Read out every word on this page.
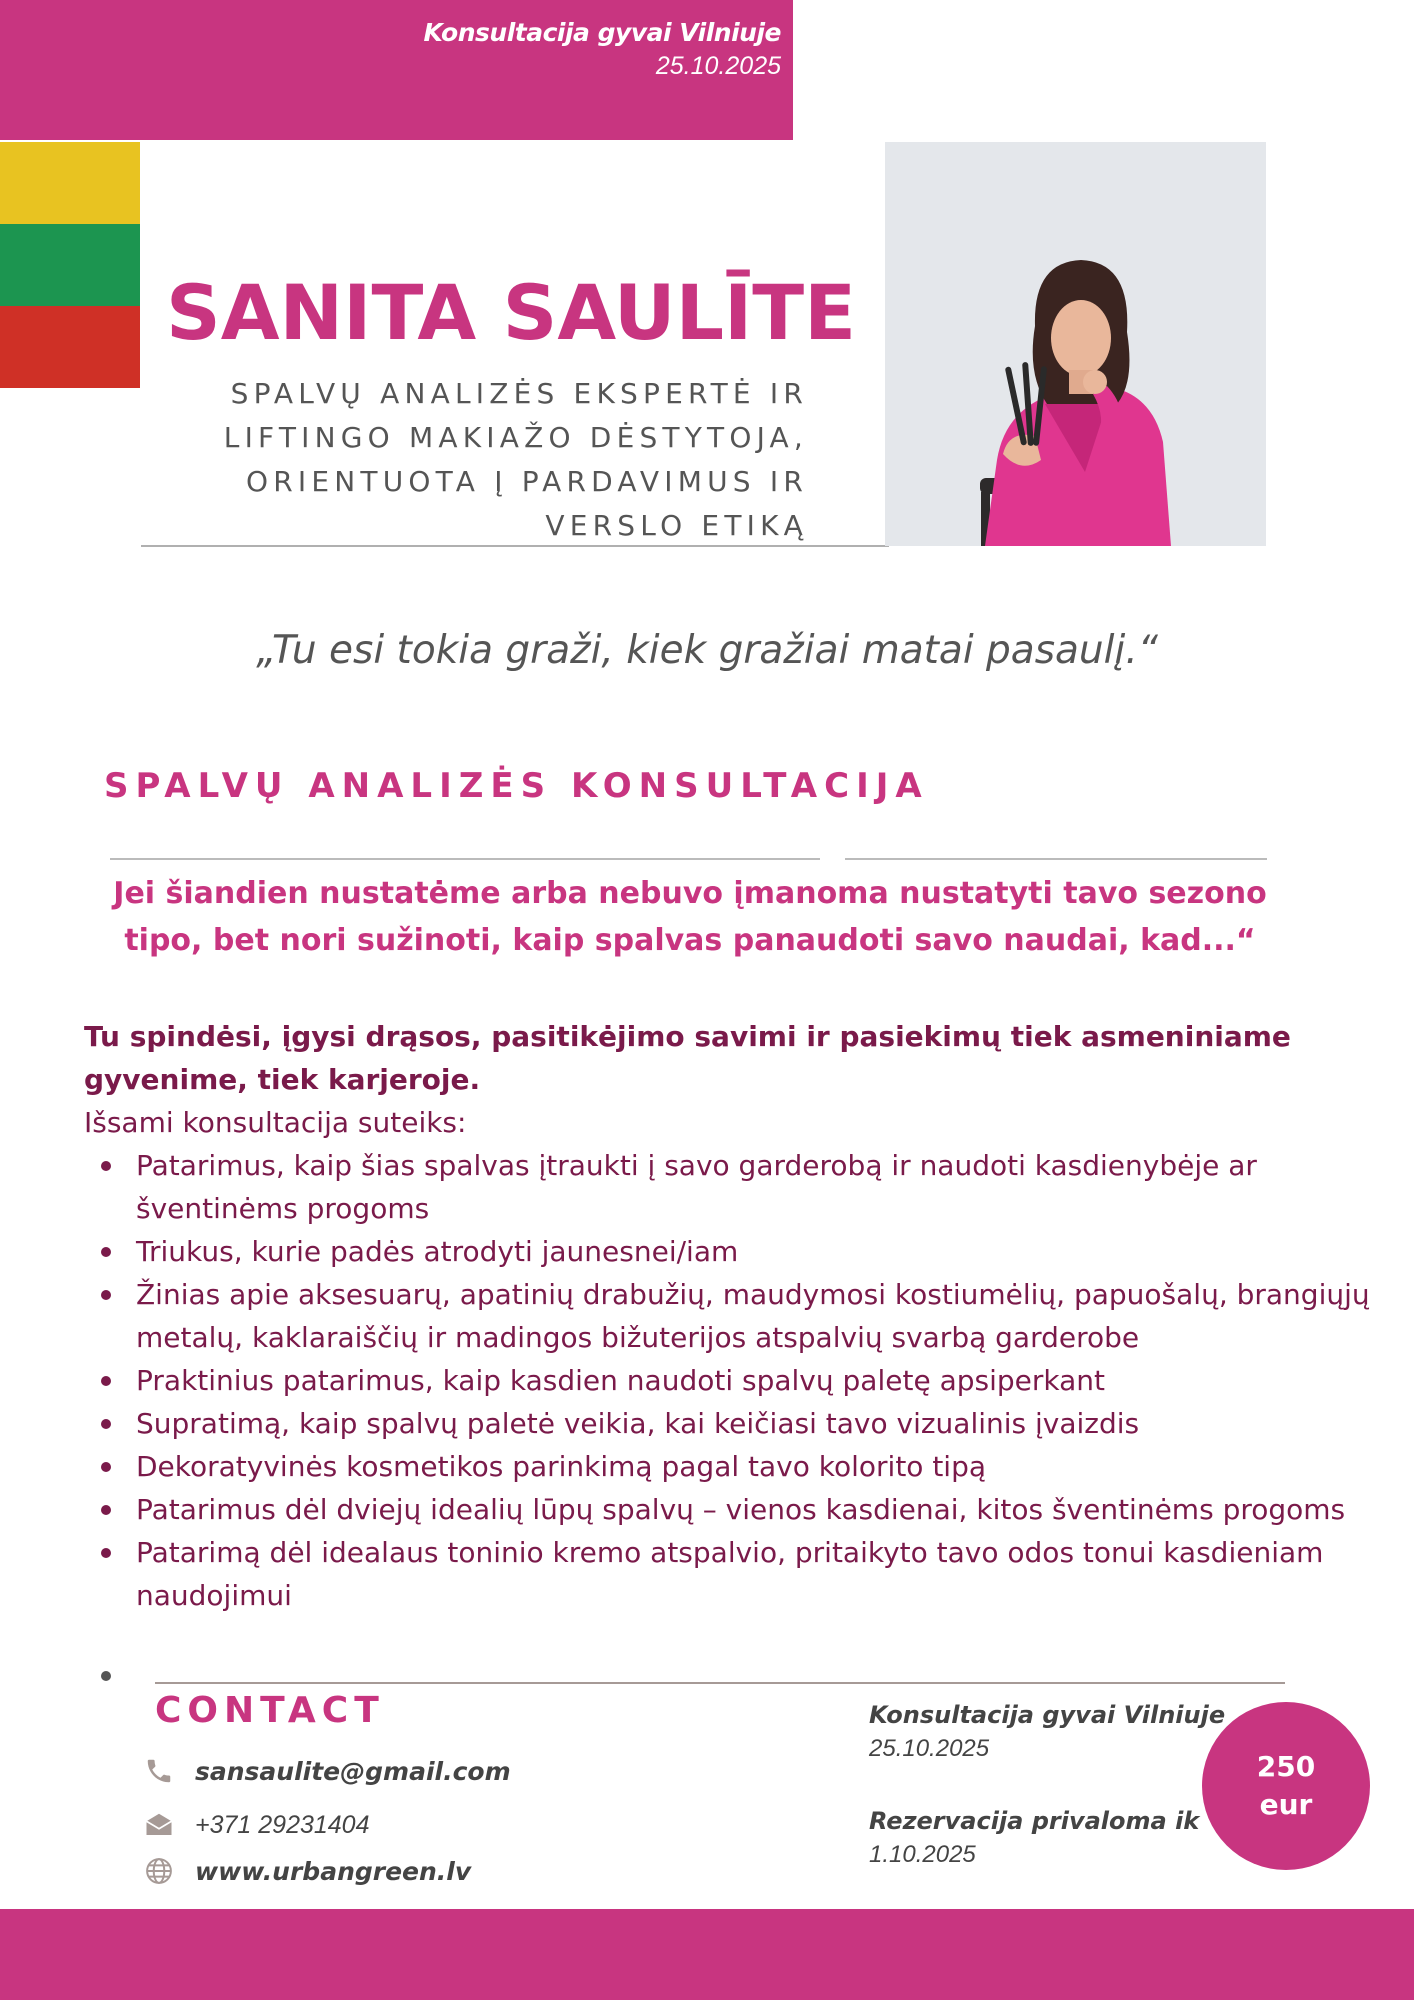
Konsultacija gyvai Vilniuje
25.10.2025
SANITA SAULĪTE
SPALVŲ ANALIZĖS EKSPERTĖ IR
LIFTINGO MAKIAŽO DĖSTYTOJA,
ORIENTUOTA Į PARDAVIMUS IR
VERSLO ETIKĄ
„Tu esi tokia graži, kiek gražiai matai pasaulį.“
SPALVŲ ANALIZĖS KONSULTACIJA
Jei šiandien nustatėme arba nebuvo įmanoma nustatyti tavo sezono tipo, bet nori sužinoti, kaip spalvas panaudoti savo naudai, kad...“
Tu spindėsi, įgysi drąsos, pasitikėjimo savimi ir pasiekimų tiek asmeniniame gyvenime, tiek karjeroje.
Išsami konsultacija suteiks:
Patarimus, kaip šias spalvas įtraukti į savo garderobą ir naudoti kasdienybėje ar šventinėms progoms
Triukus, kurie padės atrodyti jaunesnei/iam
Žinias apie aksesuarų, apatinių drabužių, maudymosi kostiumėlių, papuošalų, brangiųjų metalų, kaklaraiščių ir madingos bižuterijos atspalvių svarbą garderobe
Praktinius patarimus, kaip kasdien naudoti spalvų paletę apsiperkant
Supratimą, kaip spalvų paletė veikia, kai keičiasi tavo vizualinis įvaizdis
Dekoratyvinės kosmetikos parinkimą pagal tavo kolorito tipą
Patarimus dėl dviejų idealių lūpų spalvų – vienos kasdienai, kitos šventinėms progoms
Patarimą dėl idealaus toninio kremo atspalvio, pritaikyto tavo odos tonui kasdieniam naudojimui
CONTACT
sansaulite@gmail.com
+371 29231404
www.urbangreen.lv
Konsultacija gyvai Vilniuje
25.10.2025
Rezervacija privaloma ik
1.10.2025
250
eur
